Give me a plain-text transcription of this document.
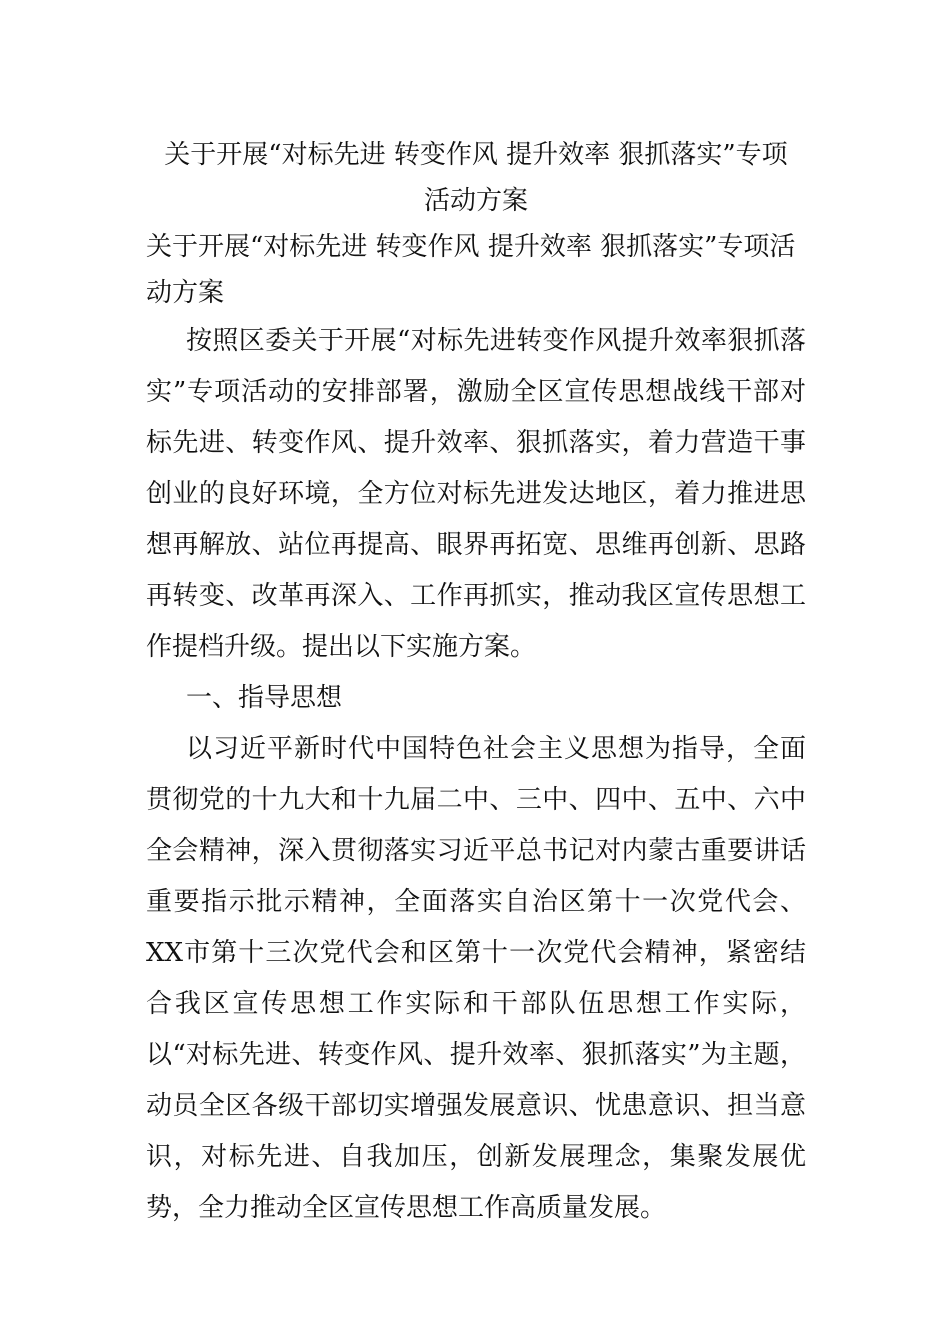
关于开展“对标先进 转变作风 提升效率 狠抓落实”专项
活动方案

关于开展“对标先进 转变作风 提升效率 狠抓落实”专项活动方案

按照区委关于开展“对标先进转变作风提升效率狠抓落实”专项活动的安排部署，激励全区宣传思想战线干部对标先进、转变作风、提升效率、狠抓落实，着力营造干事创业的良好环境，全方位对标先进发达地区，着力推进思想再解放、站位再提高、眼界再拓宽、思维再创新、思路再转变、改革再深入、工作再抓实，推动我区宣传思想工作提档升级。提出以下实施方案。

一、指导思想

以习近平新时代中国特色社会主义思想为指导，全面贯彻党的十九大和十九届二中、三中、四中、五中、六中全会精神，深入贯彻落实习近平总书记对内蒙古重要讲话重要指示批示精神，全面落实自治区第十一次党代会、XX市第十三次党代会和区第十一次党代会精神，紧密结合我区宣传思想工作实际和干部队伍思想工作实际，以“对标先进、转变作风、提升效率、狠抓落实”为主题，动员全区各级干部切实增强发展意识、忧患意识、担当意识，对标先进、自我加压，创新发展理念，集聚发展优势，全力推动全区宣传思想工作高质量发展。
